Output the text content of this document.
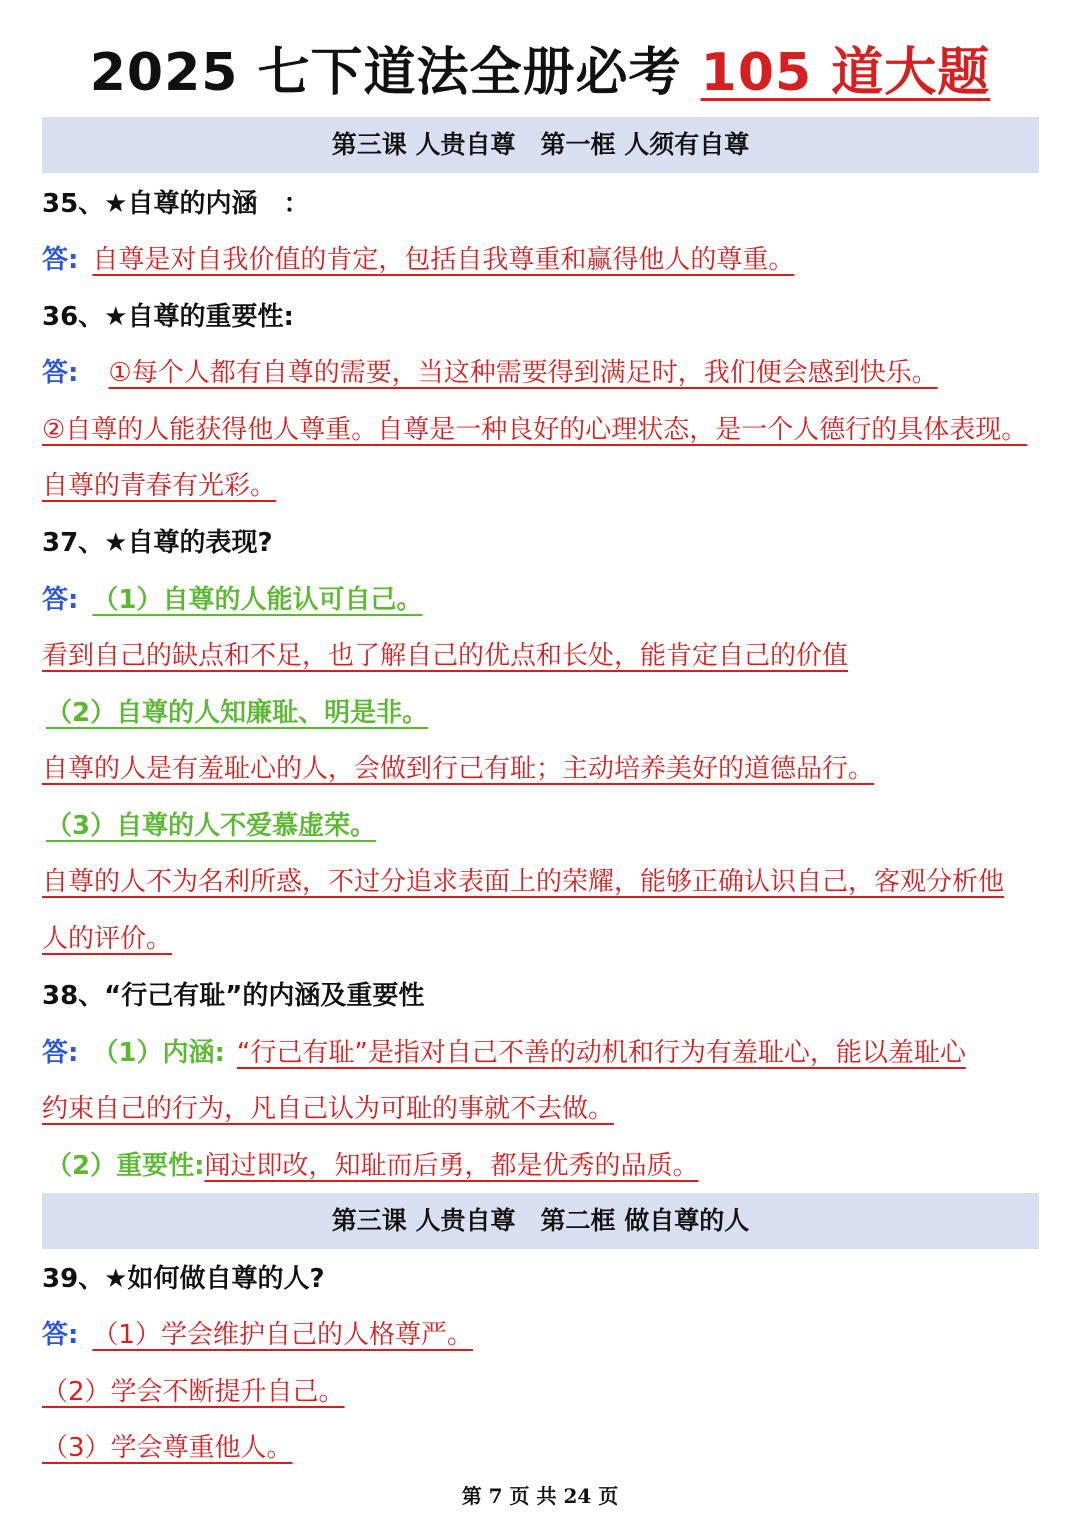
2025 七下道法全册必考 105 道大题
第三课 人贵自尊　第一框 人须有自尊
35、★自尊的内涵　：
答: 自尊是对自我价值的肯定，包括自我尊重和赢得他人的尊重。
36、★自尊的重要性:
答: ①每个人都有自尊的需要，当这种需要得到满足时，我们便会感到快乐。
②自尊的人能获得他人尊重。自尊是一种良好的心理状态，是一个人德行的具体表现。
自尊的青春有光彩。
37、★自尊的表现?
答: （1）自尊的人能认可自己。
看到自己的缺点和不足，也了解自己的优点和长处，能肯定自己的价值
（2）自尊的人知廉耻、明是非。
自尊的人是有羞耻心的人，会做到行己有耻；主动培养美好的道德品行。
（3）自尊的人不爱慕虚荣。
自尊的人不为名利所惑，不过分追求表面上的荣耀，能够正确认识自己，客观分析他
人的评价。
38、“行己有耻”的内涵及重要性
答: （1）内涵: “行己有耻”是指对自己不善的动机和行为有羞耻心，能以羞耻心
约束自己的行为，凡自己认为可耻的事就不去做。
（2）重要性:闻过即改，知耻而后勇，都是优秀的品质。
第三课 人贵自尊　第二框 做自尊的人
39、★如何做自尊的人?
答: （1）学会维护自己的人格尊严。
（2）学会不断提升自己。
（3）学会尊重他人。
第 7 页 共 24 页
